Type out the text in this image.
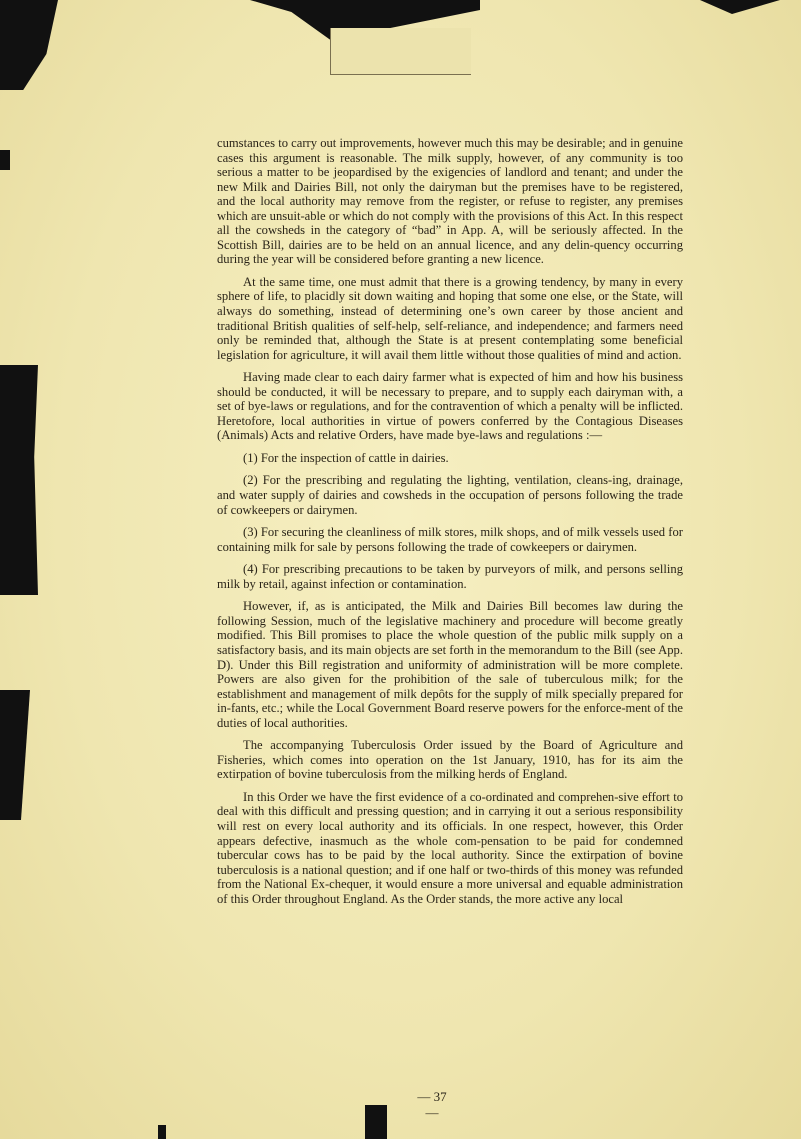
cumstances to carry out improvements, however much this may be desirable; and in genuine cases this argument is reasonable. The milk supply, however, of any community is too serious a matter to be jeopardised by the exigencies of landlord and tenant; and under the new Milk and Dairies Bill, not only the dairyman but the premises have to be registered, and the local authority may remove from the register, or refuse to register, any premises which are unsuit-able or which do not comply with the provisions of this Act. In this respect all the cowsheds in the category of “bad” in App. A, will be seriously affected. In the Scottish Bill, dairies are to be held on an annual licence, and any delin-quency occurring during the year will be considered before granting a new licence.

At the same time, one must admit that there is a growing tendency, by many in every sphere of life, to placidly sit down waiting and hoping that some one else, or the State, will always do something, instead of determining one’s own career by those ancient and traditional British qualities of self-help, self-reliance, and independence; and farmers need only be reminded that, although the State is at present contemplating some beneficial legislation for agriculture, it will avail them little without those qualities of mind and action.

Having made clear to each dairy farmer what is expected of him and how his business should be conducted, it will be necessary to prepare, and to supply each dairyman with, a set of bye-laws or regulations, and for the contravention of which a penalty will be inflicted. Heretofore, local authorities in virtue of powers conferred by the Contagious Diseases (Animals) Acts and relative Orders, have made bye-laws and regulations :—

(1) For the inspection of cattle in dairies.

(2) For the prescribing and regulating the lighting, ventilation, cleans-ing, drainage, and water supply of dairies and cowsheds in the occupation of persons following the trade of cowkeepers or dairymen.

(3) For securing the cleanliness of milk stores, milk shops, and of milk vessels used for containing milk for sale by persons following the trade of cowkeepers or dairymen.

(4) For prescribing precautions to be taken by purveyors of milk, and persons selling milk by retail, against infection or contamination.

However, if, as is anticipated, the Milk and Dairies Bill becomes law during the following Session, much of the legislative machinery and procedure will become greatly modified. This Bill promises to place the whole question of the public milk supply on a satisfactory basis, and its main objects are set forth in the memorandum to the Bill (see App. D). Under this Bill registration and uniformity of administration will be more complete. Powers are also given for the prohibition of the sale of tuberculous milk; for the establishment and management of milk depôts for the supply of milk specially prepared for in-fants, etc.; while the Local Government Board reserve powers for the enforce-ment of the duties of local authorities.

The accompanying Tuberculosis Order issued by the Board of Agriculture and Fisheries, which comes into operation on the 1st January, 1910, has for its aim the extirpation of bovine tuberculosis from the milking herds of England.

In this Order we have the first evidence of a co-ordinated and comprehen-sive effort to deal with this difficult and pressing question; and in carrying it out a serious responsibility will rest on every local authority and its officials. In one respect, however, this Order appears defective, inasmuch as the whole com-pensation to be paid for condemned tubercular cows has to be paid by the local authority. Since the extirpation of bovine tuberculosis is a national question; and if one half or two-thirds of this money was refunded from the National Ex-chequer, it would ensure a more universal and equable administration of this Order throughout England. As the Order stands, the more active any local

— 37 —
